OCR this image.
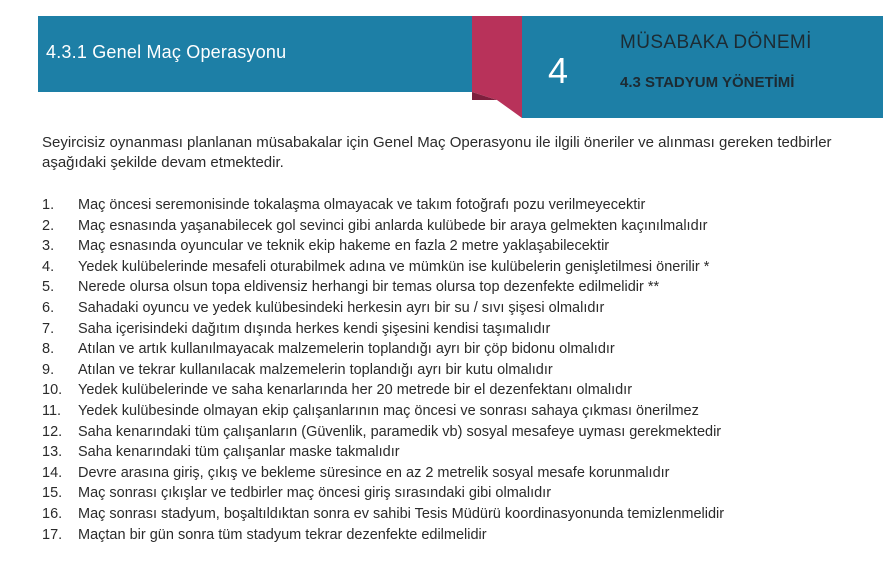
4.3.1 Genel Maç Operasyonu	4
MÜSABAKA DÖNEMİ
4.3 STADYUM YÖNETİMİ
Seyircisiz oynanması planlanan müsabakalar için Genel Maç Operasyonu ile ilgili öneriler ve alınması gereken tedbirler aşağıdaki şekilde devam etmektedir.
1. Maç öncesi seremonisinde tokalaşma olmayacak ve takım fotoğrafı pozu verilmeyecektir
2. Maç esnasında yaşanabilecek gol sevinci gibi anlarda kulübede bir araya gelmekten kaçınılmalıdır
3. Maç esnasında oyuncular ve teknik ekip hakeme en fazla 2 metre yaklaşabilecektir
4. Yedek kulübelerinde mesafeli oturabilmek adına ve mümkün ise kulübelerin genişletilmesi önerilir *
5. Nerede olursa olsun topa eldivensiz herhangi bir temas olursa top dezenfekte edilmelidir **
6. Sahadaki oyuncu ve yedek kulübesindeki herkesin ayrı bir su / sıvı şişesi olmalıdır
7. Saha içerisindeki dağıtım dışında herkes kendi şişesini kendisi taşımalıdır
8. Atılan ve artık kullanılmayacak malzemelerin toplandığı ayrı bir çöp bidonu olmalıdır
9. Atılan ve tekrar kullanılacak malzemelerin toplandığı ayrı bir kutu olmalıdır
10. Yedek kulübelerinde ve saha kenarlarında her 20 metrede bir el dezenfektanı olmalıdır
11. Yedek kulübesinde olmayan ekip çalışanlarının maç öncesi ve sonrası sahaya çıkması önerilmez
12. Saha kenarındaki tüm çalışanların (Güvenlik, paramedik vb) sosyal mesafeye uyması gerekmektedir
13. Saha kenarındaki tüm çalışanlar maske takmalıdır
14. Devre arasına giriş, çıkış ve bekleme süresince en az 2 metrelik sosyal mesafe korunmalıdır
15. Maç sonrası çıkışlar ve tedbirler maç öncesi giriş sırasındaki gibi olmalıdır
16. Maç sonrası stadyum, boşaltıldıktan sonra ev sahibi Tesis Müdürü koordinasyonunda temizlenmelidir
17. Maçtan bir gün sonra tüm stadyum tekrar dezenfekte edilmelidir
